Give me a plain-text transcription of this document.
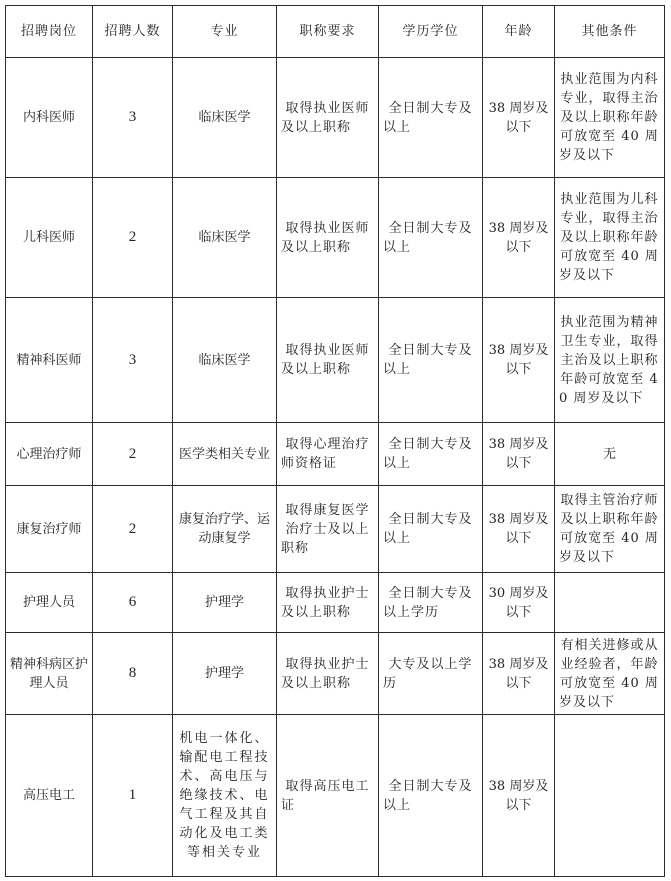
招聘岗位	招聘人数	专业	职称要求	学历学位	年龄	其他条件
内科医师	3	临床医学	取得执业医师及以上职称	全日制大专及以上	38 周岁及以下	执业范围为内科专业，取得主治及以上职称年龄可放宽至 40 周岁及以下
儿科医师	2	临床医学	取得执业医师及以上职称	全日制大专及以上	38 周岁及以下	执业范围为儿科专业，取得主治及以上职称年龄可放宽至 40 周岁及以下
精神科医师	3	临床医学	取得执业医师及以上职称	全日制大专及以上	38 周岁及以下	执业范围为精神卫生专业，取得主治及以上职称年龄可放宽至 40 周岁及以下
心理治疗师	2	医学类相关专业	取得心理治疗师资格证	全日制大专及以上	38 周岁及以下	无
康复治疗师	2	康复治疗学、运动康复学	取得康复医学治疗士及以上职称	全日制大专及以上	38 周岁及以下	取得主管治疗师及以上职称年龄可放宽至 40 周岁及以下
护理人员	6	护理学	取得执业护士及以上职称	全日制大专及以上学历	30 周岁及以下	
精神科病区护理人员	8	护理学	取得执业护士及以上职称	大专及以上学历	38 周岁及以下	有相关进修或从业经验者，年龄可放宽至 40 周岁及以下
高压电工	1	机电一体化、输配电工程技术、高电压与绝缘技术、电气工程及其自动化及电工类等相关专业	取得高压电工证	全日制大专及以上	38 周岁及以下	
